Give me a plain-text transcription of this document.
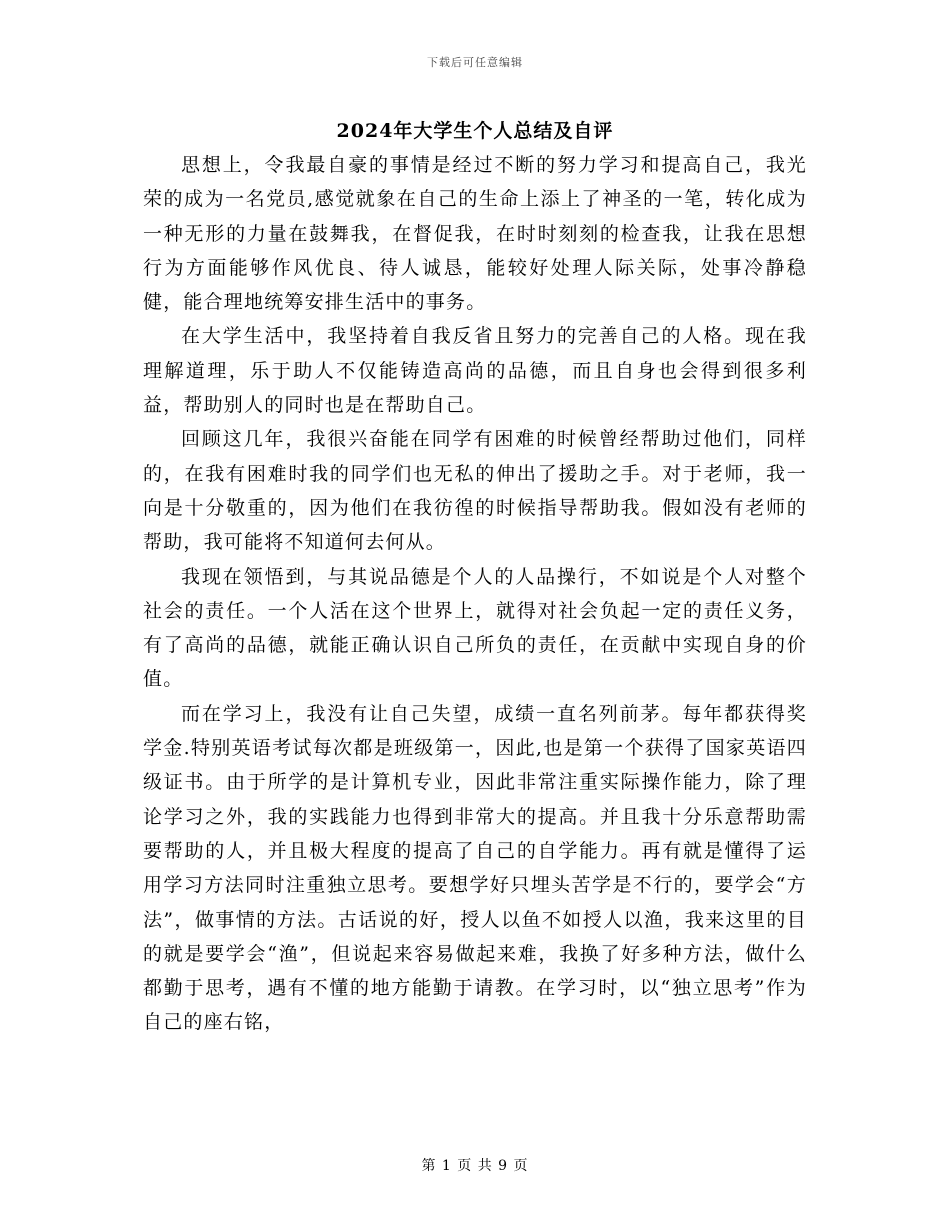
下载后可任意编辑
2024年大学生个人总结及自评

思想上，令我最自豪的事情是经过不断的努力学习和提高自己，我光荣的成为一名党员,感觉就象在自己的生命上添上了神圣的一笔，转化成为一种无形的力量在鼓舞我，在督促我，在时时刻刻的检查我，让我在思想行为方面能够作风优良、待人诚恳，能较好处理人际关际，处事冷静稳健，能合理地统筹安排生活中的事务。

在大学生活中，我坚持着自我反省且努力的完善自己的人格。现在我理解道理，乐于助人不仅能铸造高尚的品德，而且自身也会得到很多利益，帮助别人的同时也是在帮助自己。

回顾这几年，我很兴奋能在同学有困难的时候曾经帮助过他们，同样的，在我有困难时我的同学们也无私的伸出了援助之手。对于老师，我一向是十分敬重的，因为他们在我彷徨的时候指导帮助我。假如没有老师的帮助，我可能将不知道何去何从。

我现在领悟到，与其说品德是个人的人品操行，不如说是个人对整个社会的责任。一个人活在这个世界上，就得对社会负起一定的责任义务，有了高尚的品德，就能正确认识自己所负的责任，在贡献中实现自身的价值。

而在学习上，我没有让自己失望，成绩一直名列前茅。每年都获得奖学金.特别英语考试每次都是班级第一，因此,也是第一个获得了国家英语四级证书。由于所学的是计算机专业，因此非常注重实际操作能力，除了理论学习之外，我的实践能力也得到非常大的提高。并且我十分乐意帮助需要帮助的人，并且极大程度的提高了自己的自学能力。再有就是懂得了运用学习方法同时注重独立思考。要想学好只埋头苦学是不行的，要学会“方法”，做事情的方法。古话说的好，授人以鱼不如授人以渔，我来这里的目的就是要学会“渔”，但说起来容易做起来难，我换了好多种方法，做什么都勤于思考，遇有不懂的地方能勤于请教。在学习时，以“独立思考”作为自己的座右铭，

第 1 页 共 9 页
